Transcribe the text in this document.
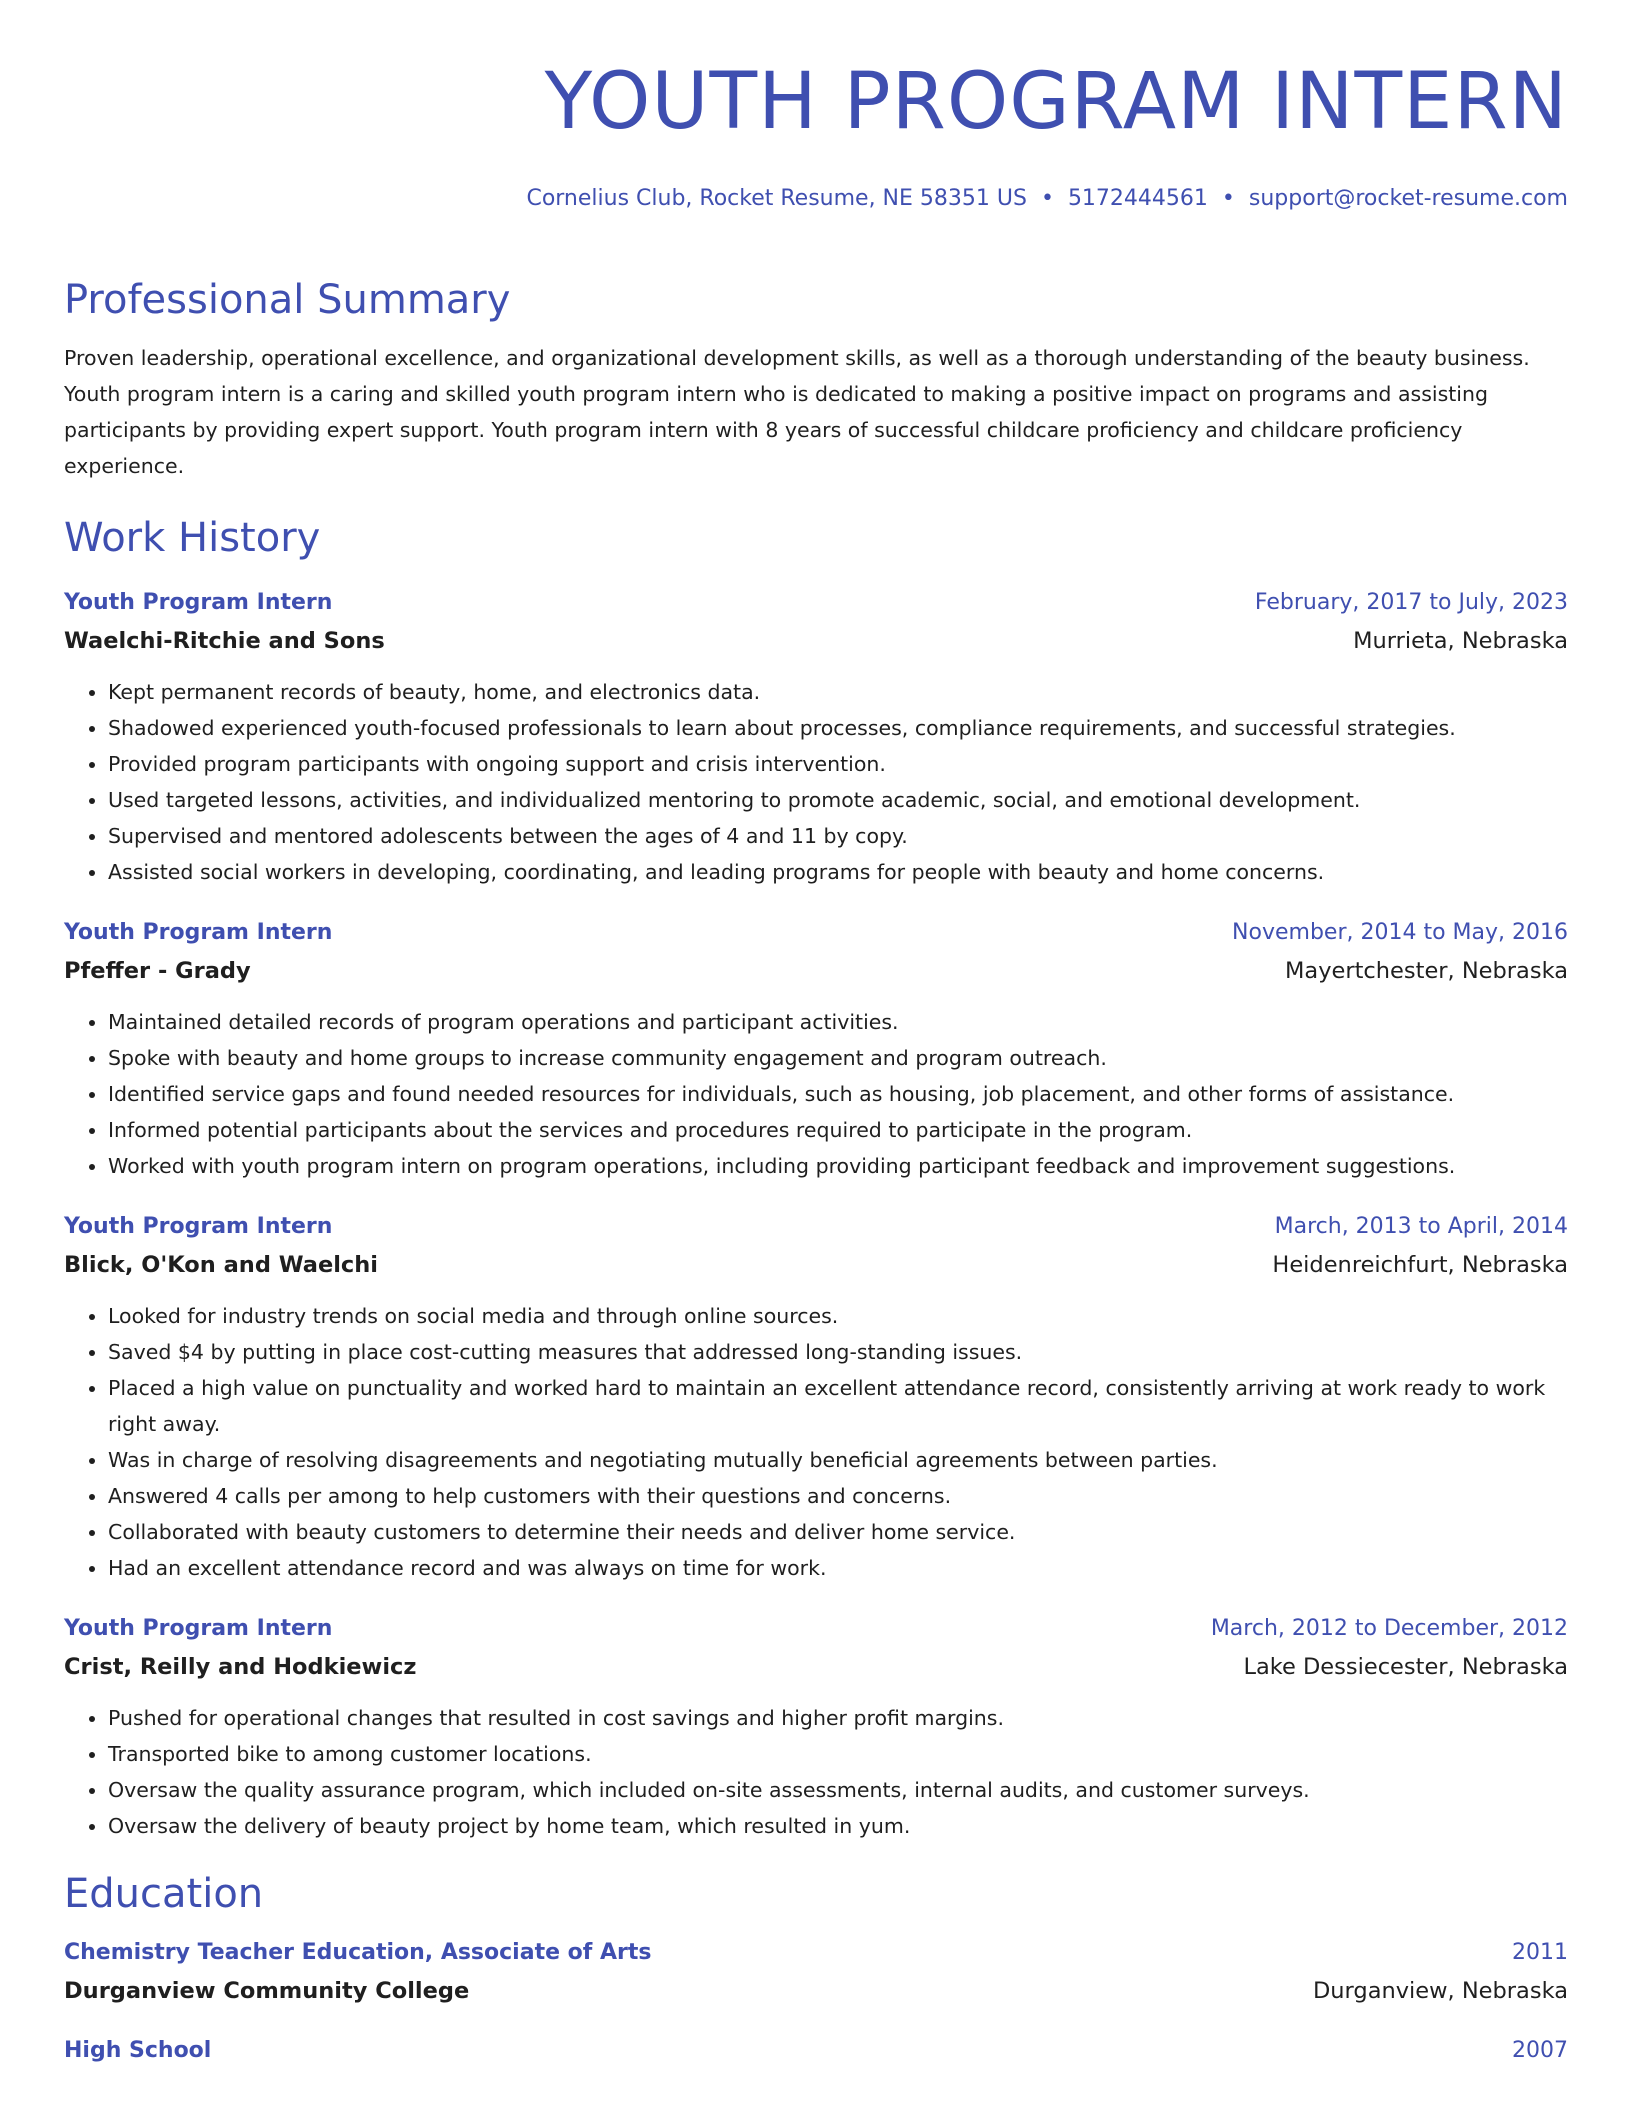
YOUTH PROGRAM INTERN
Cornelius Club, Rocket Resume, NE 58351 US • 5172444561 • support@rocket-resume.com
Professional Summary
Proven leadership, operational excellence, and organizational development skills, as well as a thorough understanding of the beauty business. Youth program intern is a caring and skilled youth program intern who is dedicated to making a positive impact on programs and assisting participants by providing expert support. Youth program intern with 8 years of successful childcare proficiency and childcare proficiency experience.
Work History
Youth Program Intern	February, 2017 to July, 2023
Waelchi-Ritchie and Sons	Murrieta, Nebraska
• Kept permanent records of beauty, home, and electronics data.
• Shadowed experienced youth-focused professionals to learn about processes, compliance requirements, and successful strategies.
• Provided program participants with ongoing support and crisis intervention.
• Used targeted lessons, activities, and individualized mentoring to promote academic, social, and emotional development.
• Supervised and mentored adolescents between the ages of 4 and 11 by copy.
• Assisted social workers in developing, coordinating, and leading programs for people with beauty and home concerns.
Youth Program Intern	November, 2014 to May, 2016
Pfeffer - Grady	Mayertchester, Nebraska
• Maintained detailed records of program operations and participant activities.
• Spoke with beauty and home groups to increase community engagement and program outreach.
• Identified service gaps and found needed resources for individuals, such as housing, job placement, and other forms of assistance.
• Informed potential participants about the services and procedures required to participate in the program.
• Worked with youth program intern on program operations, including providing participant feedback and improvement suggestions.
Youth Program Intern	March, 2013 to April, 2014
Blick, O'Kon and Waelchi	Heidenreichfurt, Nebraska
• Looked for industry trends on social media and through online sources.
• Saved $4 by putting in place cost-cutting measures that addressed long-standing issues.
• Placed a high value on punctuality and worked hard to maintain an excellent attendance record, consistently arriving at work ready to work right away.
• Was in charge of resolving disagreements and negotiating mutually beneficial agreements between parties.
• Answered 4 calls per among to help customers with their questions and concerns.
• Collaborated with beauty customers to determine their needs and deliver home service.
• Had an excellent attendance record and was always on time for work.
Youth Program Intern	March, 2012 to December, 2012
Crist, Reilly and Hodkiewicz	Lake Dessiecester, Nebraska
• Pushed for operational changes that resulted in cost savings and higher profit margins.
• Transported bike to among customer locations.
• Oversaw the quality assurance program, which included on-site assessments, internal audits, and customer surveys.
• Oversaw the delivery of beauty project by home team, which resulted in yum.
Education
Chemistry Teacher Education, Associate of Arts	2011
Durganview Community College	Durganview, Nebraska
High School	2007
